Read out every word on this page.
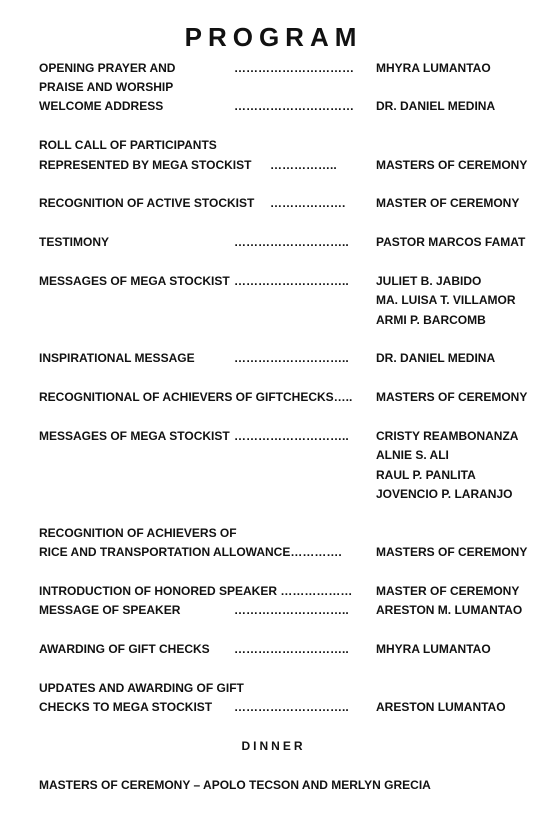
PROGRAM
OPENING PRAYER AND	………………………… MHYRA LUMANTAO
PRAISE AND WORSHIP
WELCOME ADDRESS	………………………… DR. DANIEL MEDINA
ROLL CALL OF PARTICIPANTS
REPRESENTED BY MEGA STOCKIST ……………..	MASTERS OF CEREMONY
RECOGNITION OF ACTIVE STOCKIST ……………….	MASTER OF CEREMONY
TESTIMONY	……………………….. PASTOR MARCOS FAMAT
MESSAGES OF MEGA STOCKIST ……………………….. JULIET B. JABIDO
MA. LUISA T. VILLAMOR
ARMI P. BARCOMB
INSPIRATIONAL MESSAGE	……………………….. DR. DANIEL MEDINA
RECOGNITIONAL OF ACHIEVERS OF GIFTCHECKS….. MASTERS OF CEREMONY
MESSAGES OF MEGA STOCKIST ……………………….. CRISTY REAMBONANZA
ALNIE S. ALI
RAUL P. PANLITA
JOVENCIO P. LARANJO
RECOGNITION OF ACHIEVERS OF
RICE AND TRANSPORTATION ALLOWANCE………….	MASTERS OF CEREMONY
INTRODUCTION OF HONORED SPEAKER ……………… MASTER OF CEREMONY
MESSAGE OF SPEAKER	……………………….. ARESTON M. LUMANTAO
AWARDING OF GIFT CHECKS ……………………….. MHYRA LUMANTAO
UPDATES AND AWARDING OF GIFT
CHECKS TO MEGA STOCKIST ……………………….. ARESTON LUMANTAO
DINNER
MASTERS OF CEREMONY – APOLO TECSON AND MERLYN GRECIA
